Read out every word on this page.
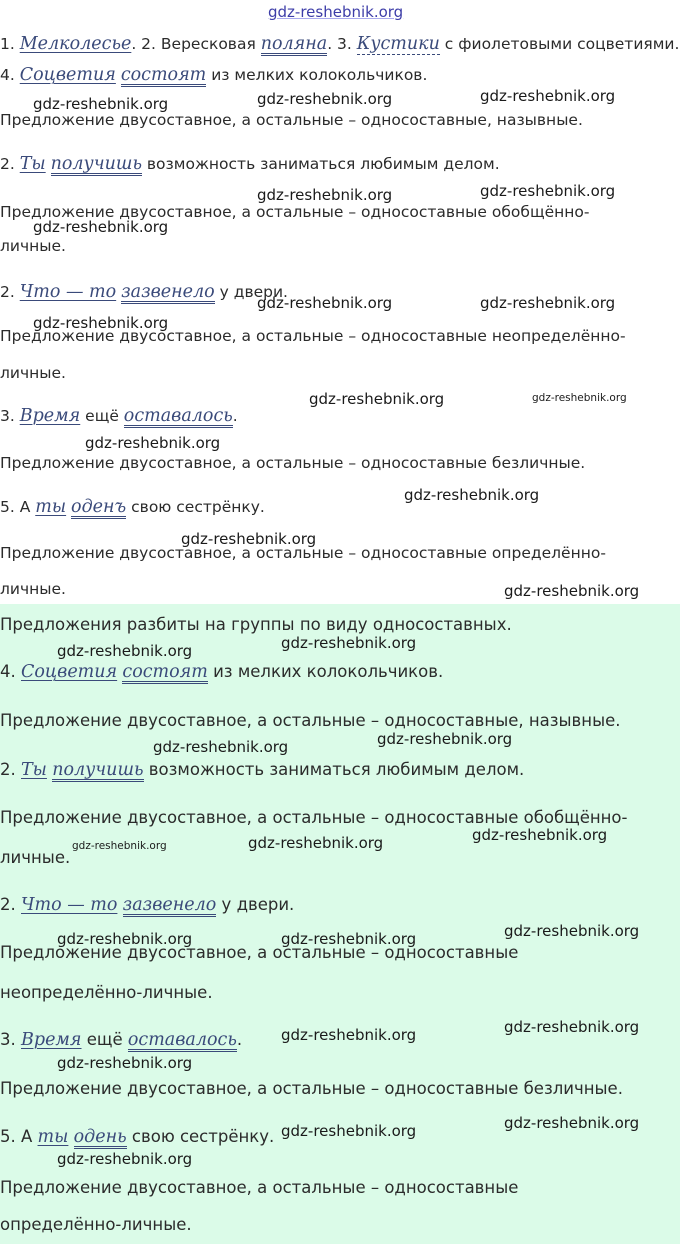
gdz-reshebnik.org
1. Мелколесье. 2. Вересковая поляна. 3. Кустики с фиолетовыми соцветиями.
4. Соцветия состоят из мелких колокольчиков.
Предложение двусоставное, а остальные – односоставные, назывные.
2. Ты получишь возможность заниматься любимым делом.
Предложение двусоставное, а остальные – односоставные обобщённо-
личные.
2. Что — то зазвенело у двери.
Предложение двусоставное, а остальные – односоставные неопределённо-
личные.
3. Время ещё оставалось.
Предложение двусоставное, а остальные – односоставные безличные.
5. А ты оденъ свою сестрёнку.
Предложение двусоставное, а остальные – односоставные определённо-
личные.
Предложения разбиты на группы по виду односоставных.
4. Соцветия состоят из мелких колокольчиков.
Предложение двусоставное, а остальные – односоставные, назывные.
2. Ты получишь возможность заниматься любимым делом.
Предложение двусоставное, а остальные – односоставные обобщённо-
личные.
2. Что — то зазвенело у двери.
Предложение двусоставное, а остальные – односоставные
неопределённо-личные.
3. Время ещё оставалось.
Предложение двусоставное, а остальные – односоставные безличные.
5. А ты одень свою сестрёнку.
Предложение двусоставное, а остальные – односоставные
определённо-личные.
gdz-reshebnik.org	gdz-reshebnik.org	gdz-reshebnik.org
gdz-reshebnik.org	gdz-reshebnik.org
gdz-reshebnik.org
gdz-reshebnik.org	gdz-reshebnik.org
gdz-reshebnik.org
gdz-reshebnik.org	gdz-reshebnik.org
gdz-reshebnik.org
gdz-reshebnik.org
gdz-reshebnik.org
gdz-reshebnik.org
gdz-reshebnik.org
gdz-reshebnik.org
gdz-reshebnik.org
gdz-reshebnik.org
gdz-reshebnik.org
gdz-reshebnik.org
gdz-reshebnik.org
gdz-reshebnik.org
gdz-reshebnik.org	gdz-reshebnik.org
gdz-reshebnik.org
gdz-reshebnik.org
gdz-reshebnik.org
gdz-reshebnik.org
gdz-reshebnik.org
gdz-reshebnik.org
